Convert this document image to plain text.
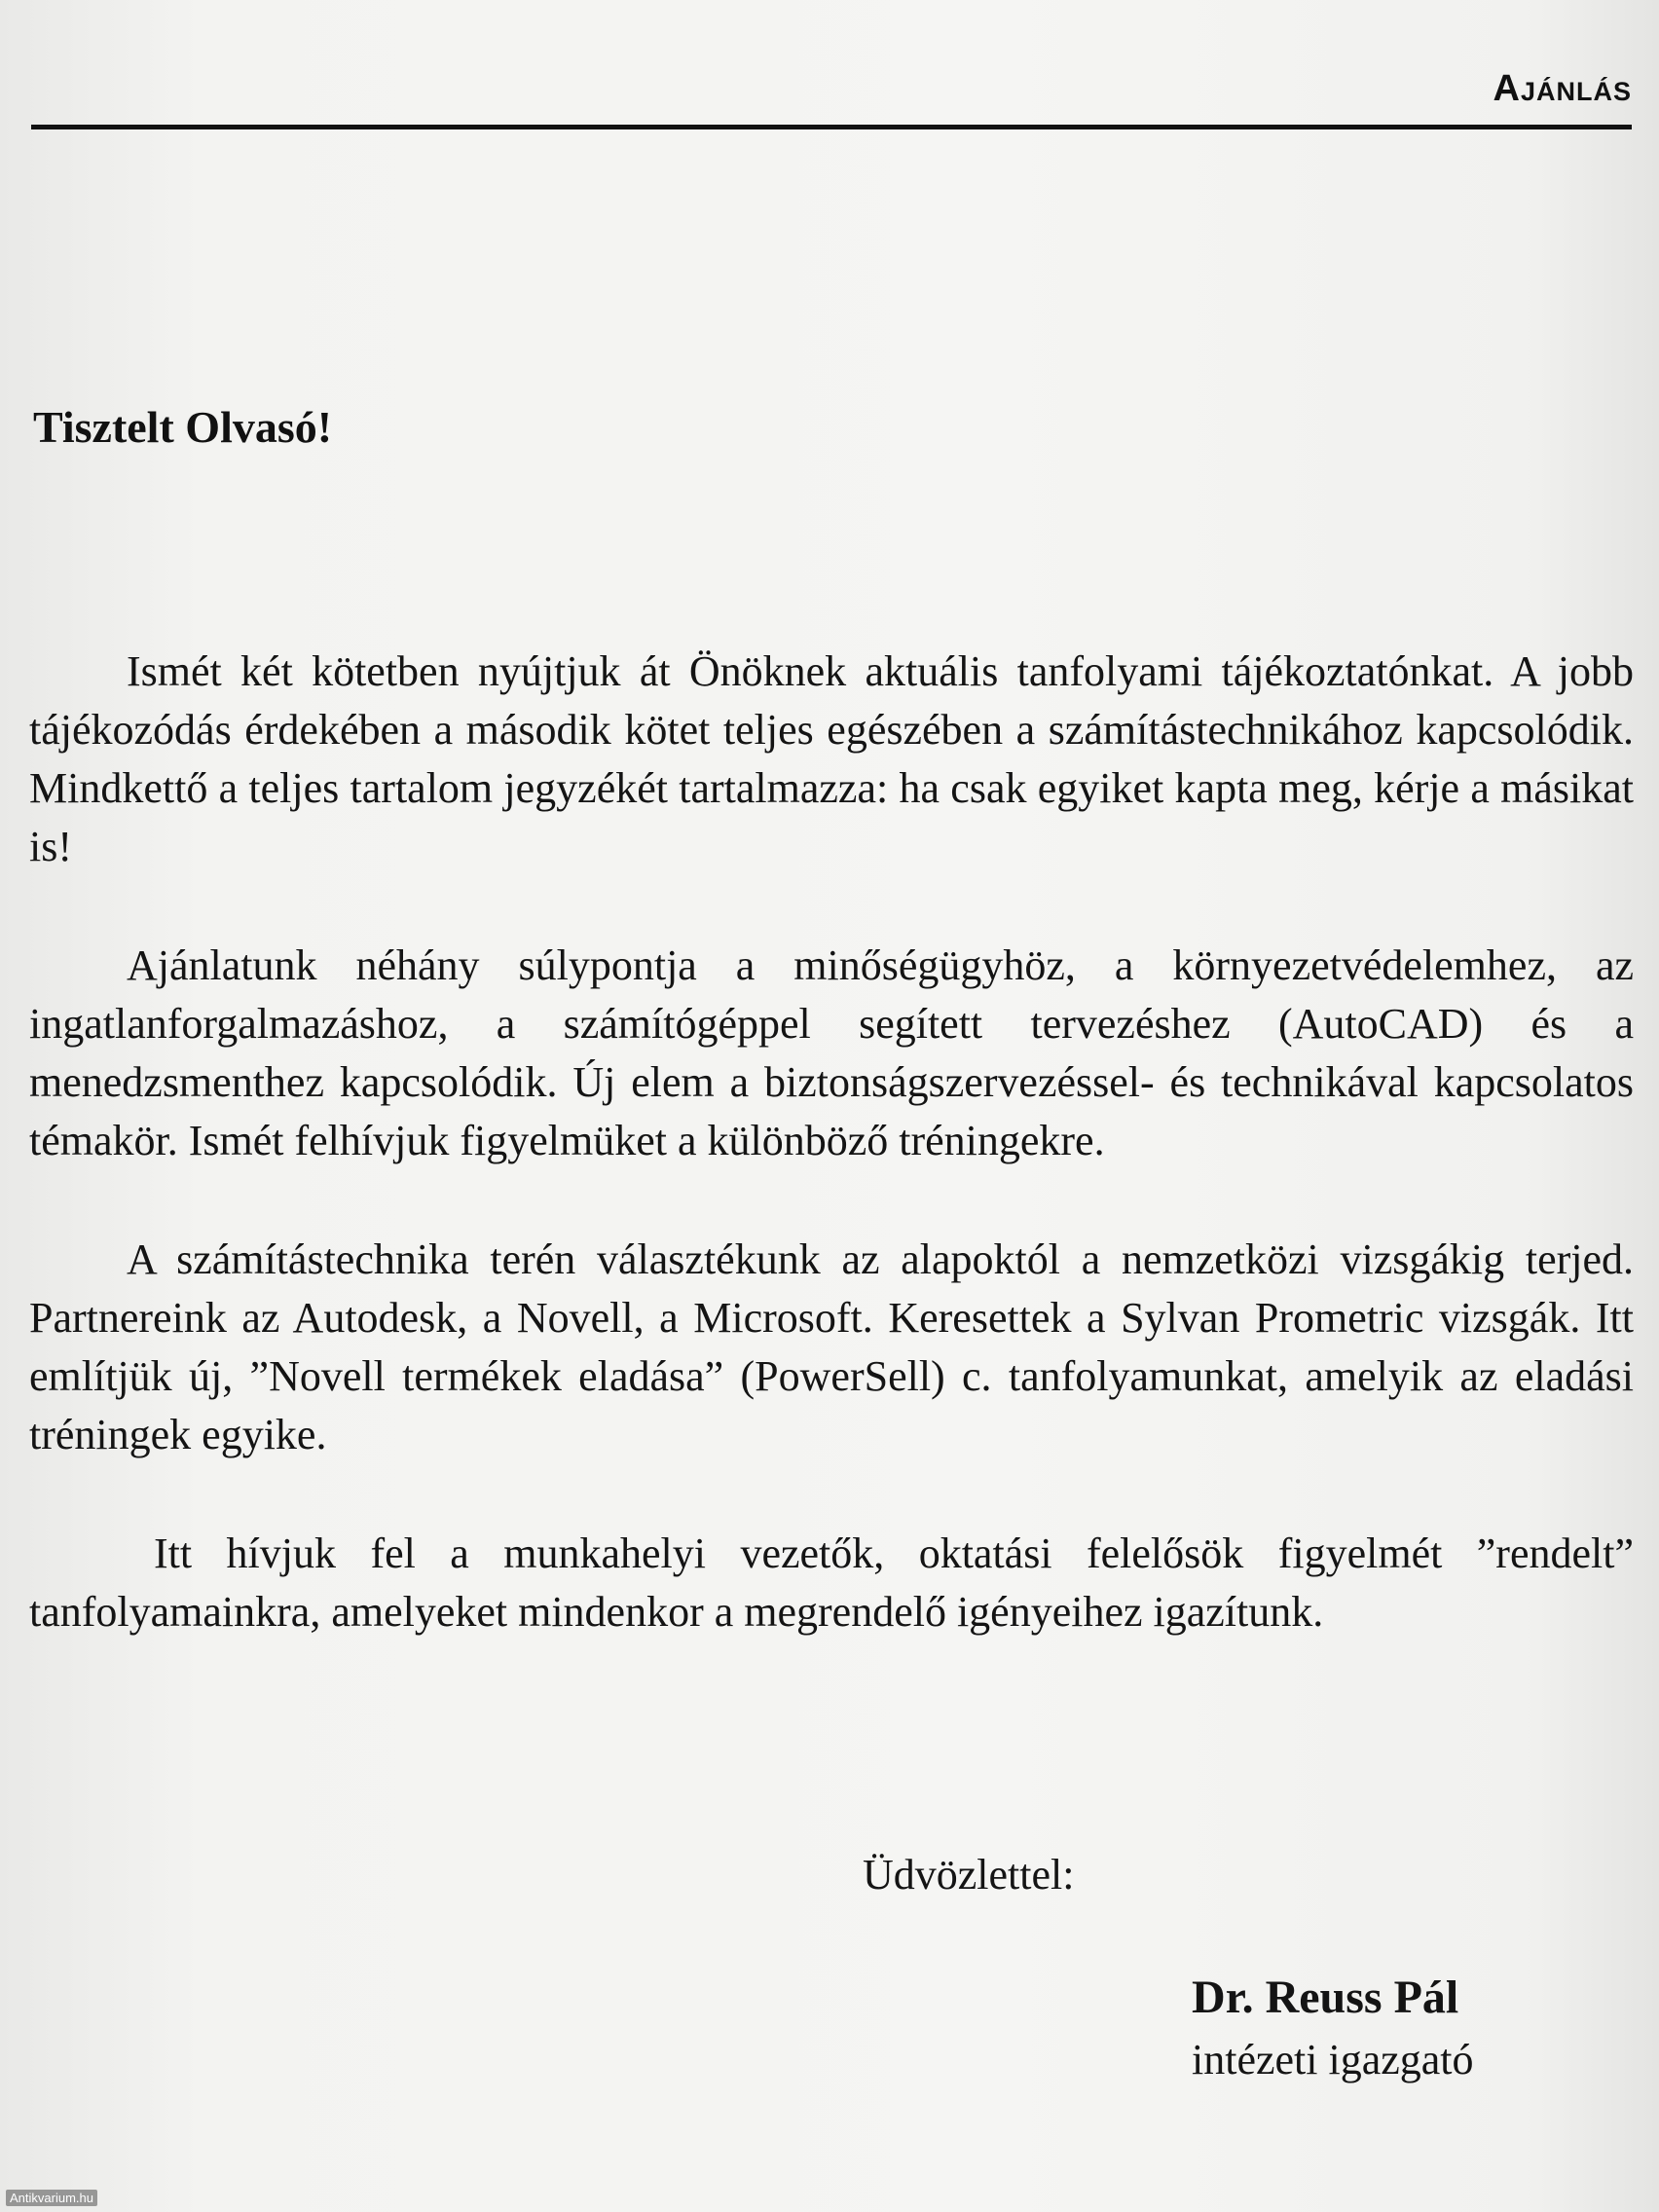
Ajánlás
Tisztelt Olvasó!

Ismét két kötetben nyújtjuk át Önöknek aktuális tanfolyami tájékoztatónkat. A jobb tájékozódás érdekében a második kötet teljes egészében a számítástechnikához kapcsolódik. Mindkettő a teljes tartalom jegyzékét tartalmazza: ha csak egyiket kapta meg, kérje a másikat is!

Ajánlatunk néhány súlypontja a minőségügyhöz, a környezetvédelemhez, az ingatlanforgalmazáshoz, a számítógéppel segített tervezéshez (AutoCAD) és a menedzsmenthez kapcsolódik. Új elem a biztonságszervezéssel- és technikával kapcsolatos témakör. Ismét felhívjuk figyelmüket a különböző tréningekre.

A számítástechnika terén választékunk az alapoktól a nemzetközi vizsgákig terjed. Partnereink az Autodesk, a Novell, a Microsoft. Keresettek a Sylvan Prometric vizsgák. Itt említjük új, ”Novell termékek eladása” (PowerSell) c. tanfolyamunkat, amelyik az eladási tréningek egyike.

Itt hívjuk fel a munkahelyi vezetők, oktatási felelősök figyelmét ”rendelt” tanfolyamainkra, amelyeket mindenkor a megrendelő igényeihez igazítunk.

Üdvözlettel:
Dr. Reuss Pál
intézeti igazgató
Antikvarium.hu
